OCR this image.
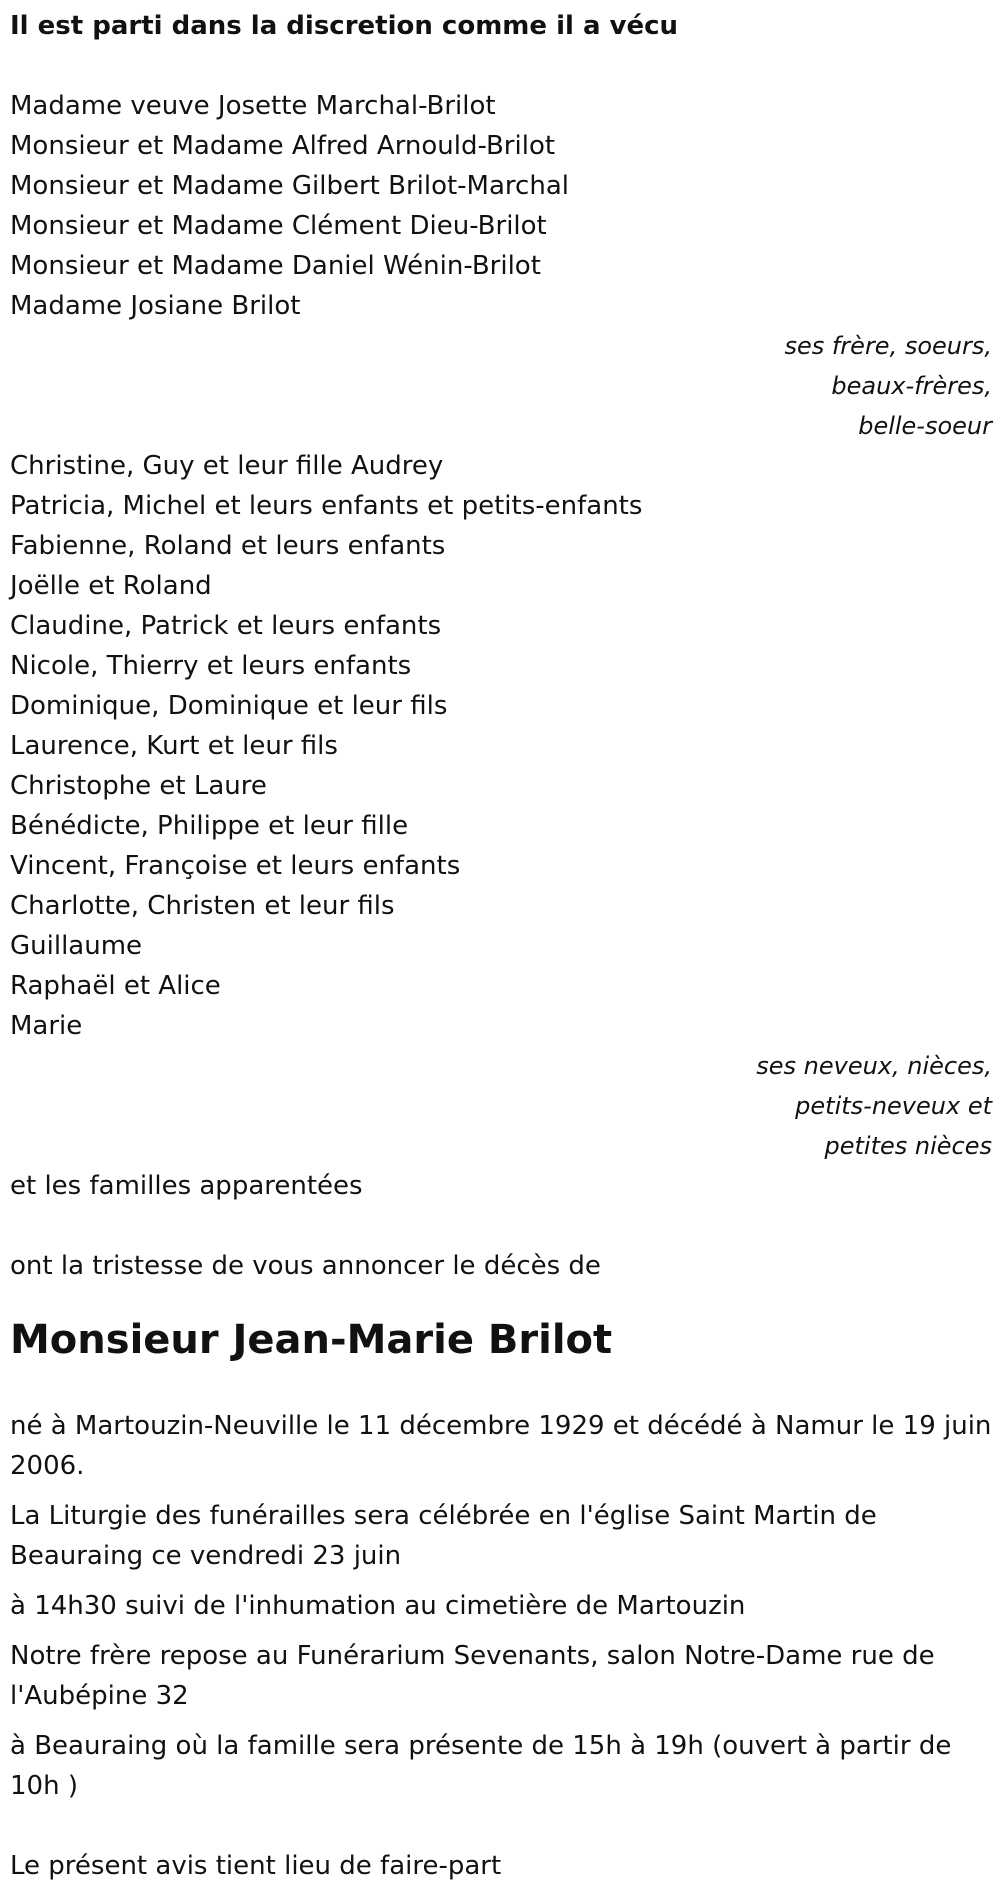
Il est parti dans la discretion comme il a vécu
Madame veuve Josette Marchal-Brilot
Monsieur et Madame Alfred Arnould-Brilot
Monsieur et Madame Gilbert Brilot-Marchal
Monsieur et Madame Clément Dieu-Brilot
Monsieur et Madame Daniel Wénin-Brilot
Madame Josiane Brilot
ses frère, soeurs,
beaux-frères,
belle-soeur
Christine, Guy et leur fille Audrey
Patricia, Michel et leurs enfants et petits-enfants
Fabienne, Roland et leurs enfants
Joëlle et Roland
Claudine, Patrick et leurs enfants
Nicole, Thierry et leurs enfants
Dominique, Dominique et leur fils
Laurence, Kurt et leur fils
Christophe et Laure
Bénédicte, Philippe et leur fille
Vincent, Françoise et leurs enfants
Charlotte, Christen et leur fils
Guillaume
Raphaël et Alice
Marie
ses neveux, nièces,
petits-neveux et
petites nièces
et les familles apparentées
ont la tristesse de vous annoncer le décès de
Monsieur Jean-Marie Brilot
né à Martouzin-Neuville le 11 décembre 1929 et décédé à Namur le 19 juin 2006.
La Liturgie des funérailles sera célébrée en l'église Saint Martin de Beauraing ce vendredi 23 juin
à 14h30 suivi de l'inhumation au cimetière de Martouzin
Notre frère repose au Funérarium Sevenants, salon Notre-Dame rue de l'Aubépine 32
à Beauraing où la famille sera présente de 15h à 19h (ouvert à partir de 10h )
Le présent avis tient lieu de faire-part
